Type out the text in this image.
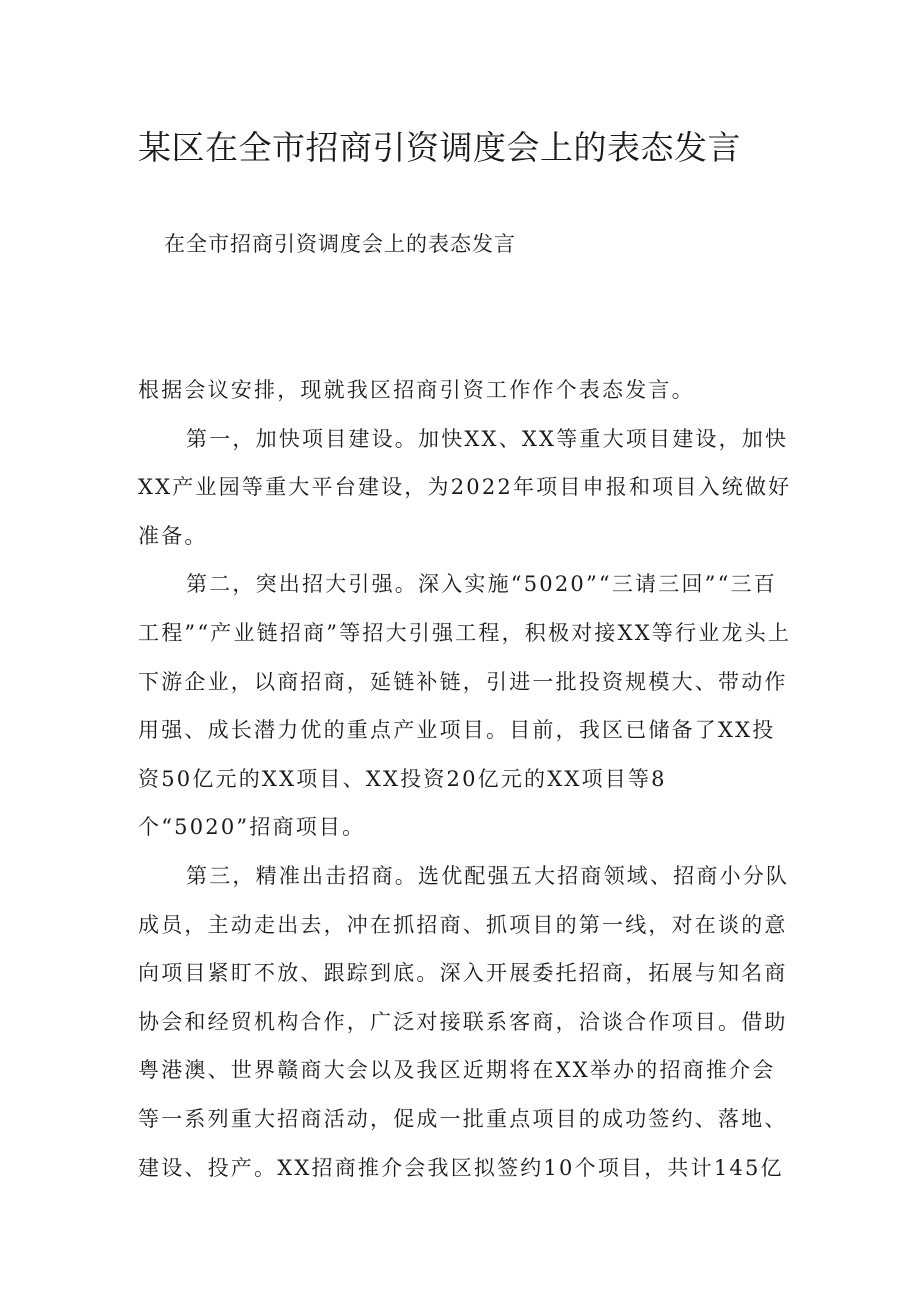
某区在全市招商引资调度会上的表态发言

在全市招商引资调度会上的表态发言

根据会议安排，现就我区招商引资工作作个表态发言。

第一，加快项目建设。加快XX、XX等重大项目建设，加快XX产业园等重大平台建设，为2022年项目申报和项目入统做好准备。

第二，突出招大引强。深入实施“5020”“三请三回”“三百工程”“产业链招商”等招大引强工程，积极对接XX等行业龙头上下游企业，以商招商，延链补链，引进一批投资规模大、带动作用强、成长潜力优的重点产业项目。目前，我区已储备了XX投资50亿元的XX项目、XX投资20亿元的XX项目等8个“5020”招商项目。

第三，精准出击招商。选优配强五大招商领域、招商小分队成员，主动走出去，冲在抓招商、抓项目的第一线，对在谈的意向项目紧盯不放、跟踪到底。深入开展委托招商，拓展与知名商协会和经贸机构合作，广泛对接联系客商，洽谈合作项目。借助粤港澳、世界赣商大会以及我区近期将在XX举办的招商推介会等一系列重大招商活动，促成一批重点项目的成功签约、落地、建设、投产。XX招商推介会我区拟签约10个项目，共计145亿
